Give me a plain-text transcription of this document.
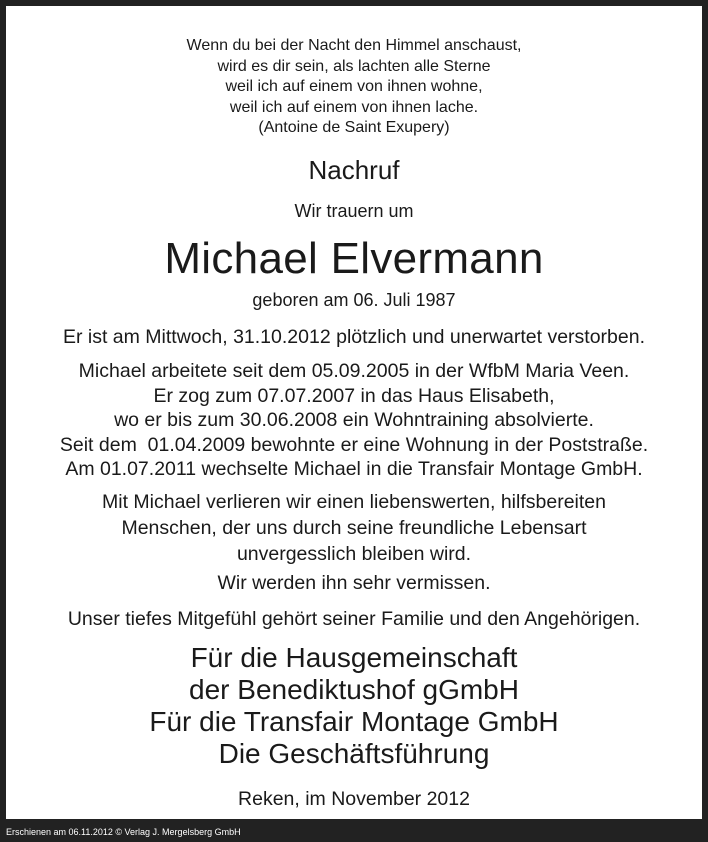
Wenn du bei der Nacht den Himmel anschaust,
wird es dir sein, als lachten alle Sterne
weil ich auf einem von ihnen wohne,
weil ich auf einem von ihnen lache.
(Antoine de Saint Exupery)
Nachruf
Wir trauern um
Michael Elvermann
geboren am 06. Juli 1987
Er ist am Mittwoch, 31.10.2012 plötzlich und unerwartet verstorben.
Michael arbeitete seit dem 05.09.2005 in der WfbM Maria Veen.
Er zog zum 07.07.2007 in das Haus Elisabeth,
wo er bis zum 30.06.2008 ein Wohntraining absolvierte.
Seit dem  01.04.2009 bewohnte er eine Wohnung in der Poststraße.
Am 01.07.2011 wechselte Michael in die Transfair Montage GmbH.
Mit Michael verlieren wir einen liebenswerten, hilfsbereiten
Menschen, der uns durch seine freundliche Lebensart
unvergesslich bleiben wird.
Wir werden ihn sehr vermissen.
Unser tiefes Mitgefühl gehört seiner Familie und den Angehörigen.
Für die Hausgemeinschaft
der Benediktushof gGmbH
Für die Transfair Montage GmbH
Die Geschäftsführung
Reken, im November 2012
Erschienen am 06.11.2012 © Verlag J. Mergelsberg GmbH
